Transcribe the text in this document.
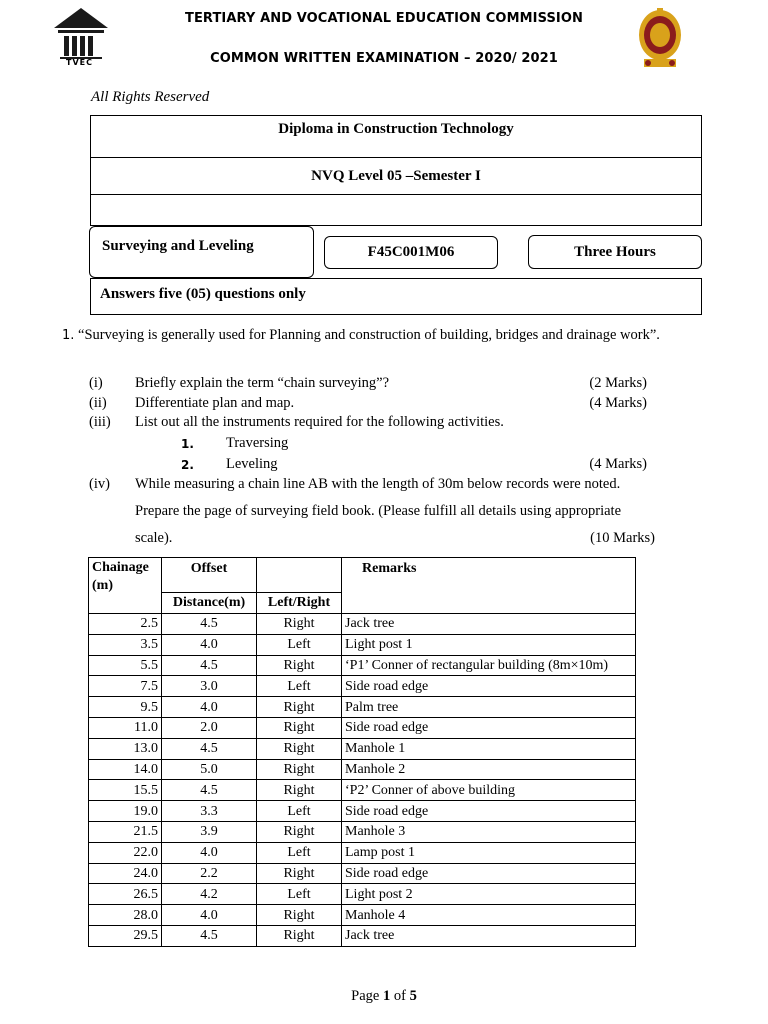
TVEC
TERTIARY AND VOCATIONAL EDUCATION COMMISSION
COMMON WRITTEN EXAMINATION – 2020/ 2021
All Rights Reserved
Diploma in Construction Technology
NVQ Level 05 –Semester I
Surveying and Leveling	F45C001M06	Three Hours
Answers five (05) questions only
1. “Surveying is generally used for Planning and construction of building, bridges and drainage work”.
(i) Briefly explain the term “chain surveying”?	(2 Marks)
(ii) Differentiate plan and map.	(4 Marks)
(iii) List out all the instruments required for the following activities.
1. Traversing
2. Leveling	(4 Marks)
(iv) While measuring a chain line AB with the length of 30m below records were noted.
Prepare the page of surveying field book. (Please fulfill all details using appropriate
scale).	(10 Marks)
Chainage
(m)	Offset		Remarks
	Distance(m)	Left/Right	
2.5	4.5	Right	Jack tree
3.5	4.0	Left	Light post 1
5.5	4.5	Right	‘P1’ Conner of rectangular building (8m×10m)
7.5	3.0	Left	Side road edge
9.5	4.0	Right	Palm tree
11.0	2.0	Right	Side road edge
13.0	4.5	Right	Manhole 1
14.0	5.0	Right	Manhole 2
15.5	4.5	Right	‘P2’ Conner of above building
19.0	3.3	Left	Side road edge
21.5	3.9	Right	Manhole 3
22.0	4.0	Left	Lamp post 1
24.0	2.2	Right	Side road edge
26.5	4.2	Left	Light post 2
28.0	4.0	Right	Manhole 4
29.5	4.5	Right	Jack tree
Page 1 of 5
